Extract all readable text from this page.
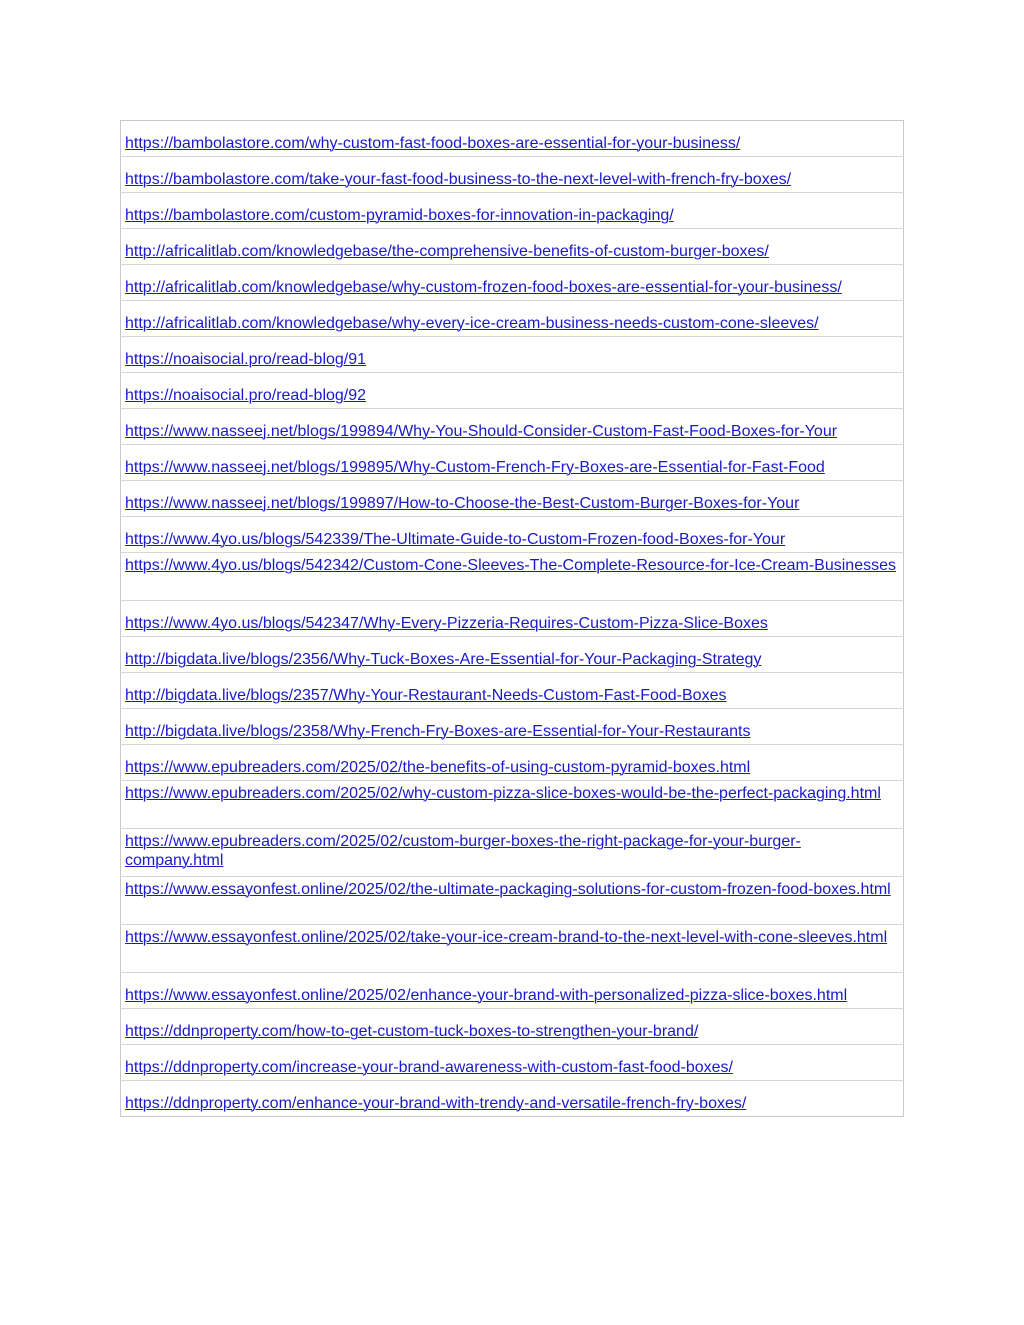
https://bambolastore.com/why-custom-fast-food-boxes-are-essential-for-your-business/
https://bambolastore.com/take-your-fast-food-business-to-the-next-level-with-french-fry-boxes/
https://bambolastore.com/custom-pyramid-boxes-for-innovation-in-packaging/
http://africalitlab.com/knowledgebase/the-comprehensive-benefits-of-custom-burger-boxes/
http://africalitlab.com/knowledgebase/why-custom-frozen-food-boxes-are-essential-for-your-business/
http://africalitlab.com/knowledgebase/why-every-ice-cream-business-needs-custom-cone-sleeves/
https://noaisocial.pro/read-blog/91
https://noaisocial.pro/read-blog/92
https://www.nasseej.net/blogs/199894/Why-You-Should-Consider-Custom-Fast-Food-Boxes-for-Your
https://www.nasseej.net/blogs/199895/Why-Custom-French-Fry-Boxes-are-Essential-for-Fast-Food
https://www.nasseej.net/blogs/199897/How-to-Choose-the-Best-Custom-Burger-Boxes-for-Your
https://www.4yo.us/blogs/542339/The-Ultimate-Guide-to-Custom-Frozen-food-Boxes-for-Your
https://www.4yo.us/blogs/542342/Custom-Cone-Sleeves-The-Complete-Resource-for-Ice-Cream-Businesses
https://www.4yo.us/blogs/542347/Why-Every-Pizzeria-Requires-Custom-Pizza-Slice-Boxes
http://bigdata.live/blogs/2356/Why-Tuck-Boxes-Are-Essential-for-Your-Packaging-Strategy
http://bigdata.live/blogs/2357/Why-Your-Restaurant-Needs-Custom-Fast-Food-Boxes
http://bigdata.live/blogs/2358/Why-French-Fry-Boxes-are-Essential-for-Your-Restaurants
https://www.epubreaders.com/2025/02/the-benefits-of-using-custom-pyramid-boxes.html
https://www.epubreaders.com/2025/02/why-custom-pizza-slice-boxes-would-be-the-perfect-packaging.html
https://www.epubreaders.com/2025/02/custom-burger-boxes-the-right-package-for-your-burger-company.html
https://www.essayonfest.online/2025/02/the-ultimate-packaging-solutions-for-custom-frozen-food-boxes.html
https://www.essayonfest.online/2025/02/take-your-ice-cream-brand-to-the-next-level-with-cone-sleeves.html
https://www.essayonfest.online/2025/02/enhance-your-brand-with-personalized-pizza-slice-boxes.html
https://ddnproperty.com/how-to-get-custom-tuck-boxes-to-strengthen-your-brand/
https://ddnproperty.com/increase-your-brand-awareness-with-custom-fast-food-boxes/
https://ddnproperty.com/enhance-your-brand-with-trendy-and-versatile-french-fry-boxes/
